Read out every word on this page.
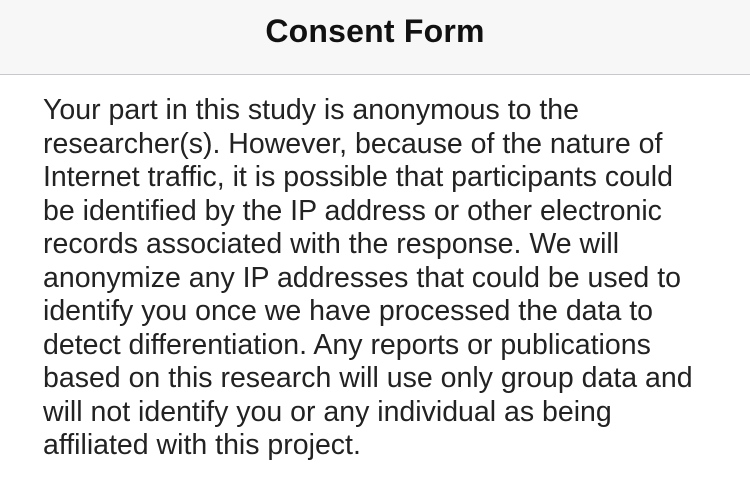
Consent Form
Your part in this study is anonymous to the
researcher(s). However, because of the nature of
Internet traffic, it is possible that participants could
be identified by the IP address or other electronic
records associated with the response. We will
anonymize any IP addresses that could be used to
identify you once we have processed the data to
detect differentiation. Any reports or publications
based on this research will use only group data and
will not identify you or any individual as being
affiliated with this project.
